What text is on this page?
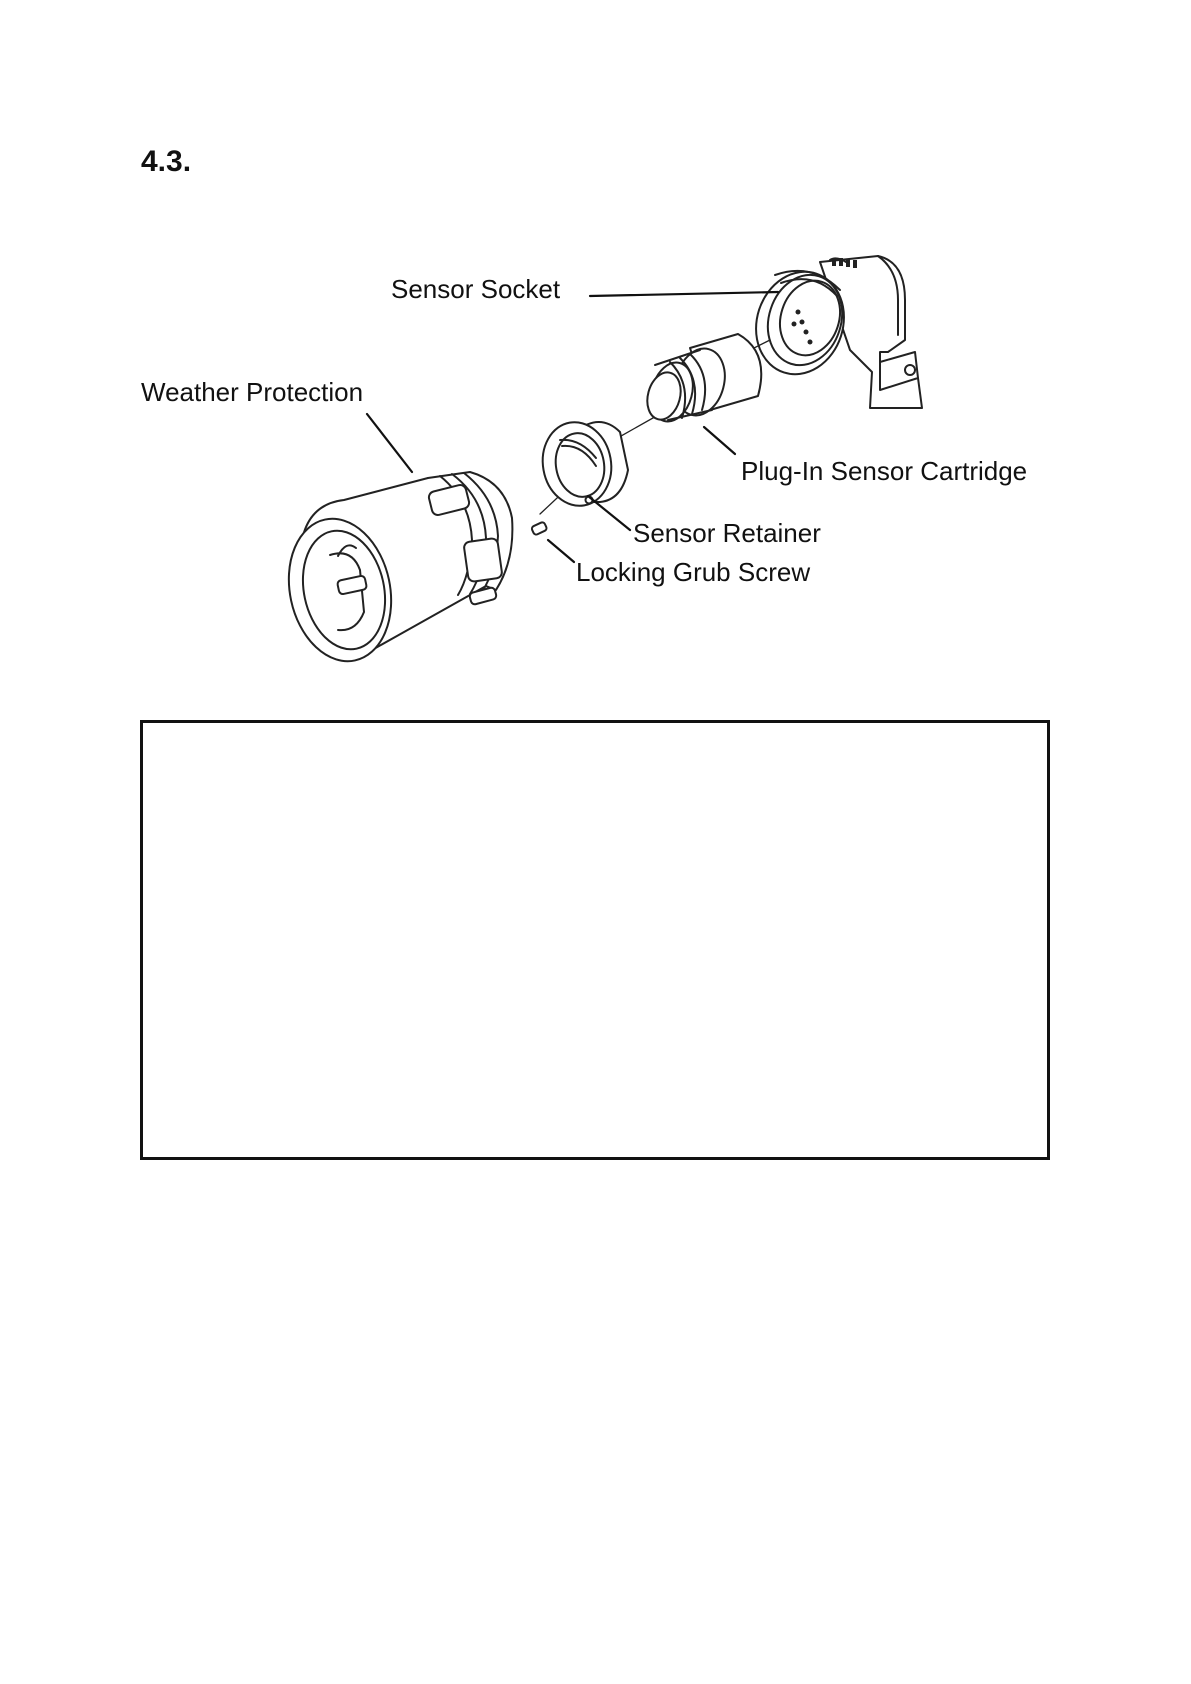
4.3.
Sensor Socket
Weather Protection
Plug-In Sensor Cartridge
Sensor Retainer
Locking Grub Screw
